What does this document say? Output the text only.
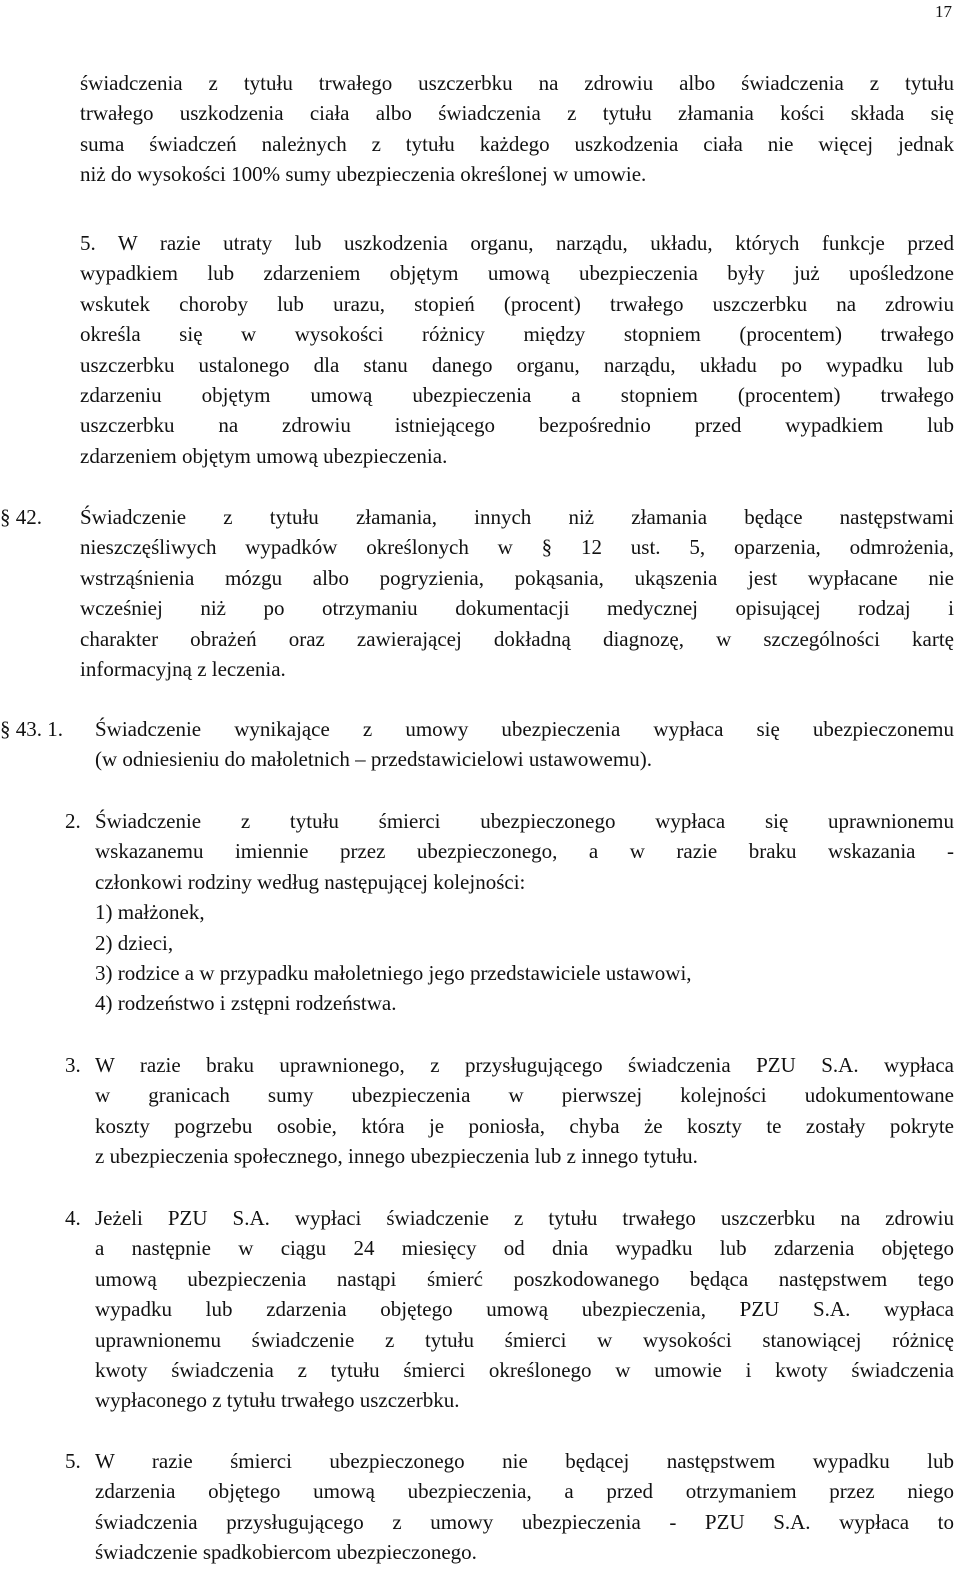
17
świadczenia z tytułu trwałego uszczerbku na zdrowiu albo świadczenia z tytułu
trwałego uszkodzenia ciała albo świadczenia z tytułu złamania kości składa się
suma świadczeń należnych z tytułu każdego uszkodzenia ciała nie więcej jednak
niż do wysokości 100% sumy ubezpieczenia określonej w umowie.
5. W razie utraty lub uszkodzenia organu, narządu, układu, których funkcje przed
wypadkiem lub zdarzeniem objętym umową ubezpieczenia były już upośledzone
wskutek choroby lub urazu, stopień (procent) trwałego uszczerbku na zdrowiu
określa się w wysokości różnicy między stopniem (procentem) trwałego
uszczerbku ustalonego dla stanu danego organu, narządu, układu po wypadku lub
zdarzeniu objętym umową ubezpieczenia a stopniem (procentem) trwałego
uszczerbku na zdrowiu istniejącego bezpośrednio przed wypadkiem lub
zdarzeniem objętym umową ubezpieczenia.
§ 42. Świadczenie z tytułu złamania, innych niż złamania będące następstwami
nieszczęśliwych wypadków określonych w § 12 ust. 5, oparzenia, odmrożenia,
wstrząśnienia mózgu albo pogryzienia, pokąsania, ukąszenia jest wypłacane nie
wcześniej niż po otrzymaniu dokumentacji medycznej opisującej rodzaj i
charakter obrażeń oraz zawierającej dokładną diagnozę, w szczególności kartę
informacyjną z leczenia.
§ 43. 1. Świadczenie wynikające z umowy ubezpieczenia wypłaca się ubezpieczonemu
(w odniesieniu do małoletnich – przedstawicielowi ustawowemu).
2. Świadczenie z tytułu śmierci ubezpieczonego wypłaca się uprawnionemu
wskazanemu imiennie przez ubezpieczonego, a w razie braku wskazania -
członkowi rodziny według następującej kolejności:
1) małżonek,
2) dzieci,
3) rodzice a w przypadku małoletniego jego przedstawiciele ustawowi,
4) rodzeństwo i zstępni rodzeństwa.
3. W razie braku uprawnionego, z przysługującego świadczenia PZU S.A. wypłaca
w granicach sumy ubezpieczenia w pierwszej kolejności udokumentowane
koszty pogrzebu osobie, która je poniosła, chyba że koszty te zostały pokryte
z ubezpieczenia społecznego, innego ubezpieczenia lub z innego tytułu.
4. Jeżeli PZU S.A. wypłaci świadczenie z tytułu trwałego uszczerbku na zdrowiu
a następnie w ciągu 24 miesięcy od dnia wypadku lub zdarzenia objętego
umową ubezpieczenia nastąpi śmierć poszkodowanego będąca następstwem tego
wypadku lub zdarzenia objętego umową ubezpieczenia, PZU S.A. wypłaca
uprawnionemu świadczenie z tytułu śmierci w wysokości stanowiącej różnicę
kwoty świadczenia z tytułu śmierci określonego w umowie i kwoty świadczenia
wypłaconego z tytułu trwałego uszczerbku.
5. W razie śmierci ubezpieczonego nie będącej następstwem wypadku lub
zdarzenia objętego umową ubezpieczenia, a przed otrzymaniem przez niego
świadczenia przysługującego z umowy ubezpieczenia - PZU S.A. wypłaca to
świadczenie spadkobiercom ubezpieczonego.
